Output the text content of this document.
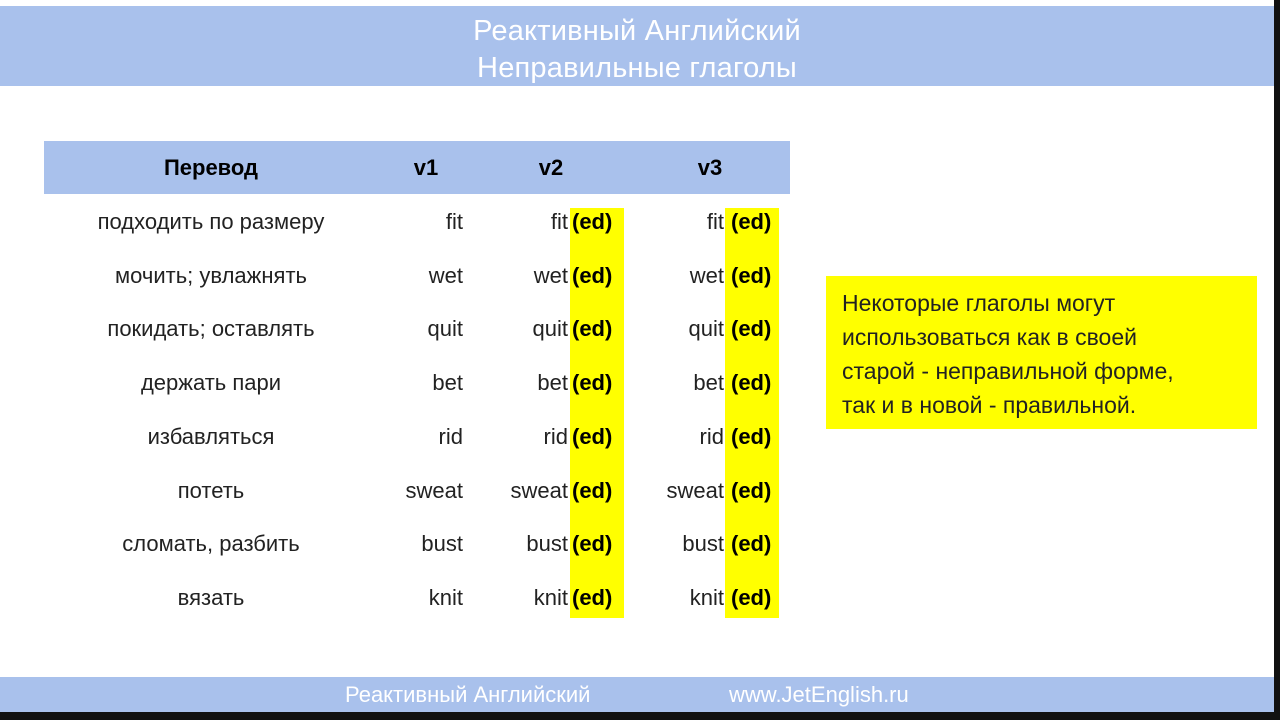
Реактивный Английский
Неправильные глаголы
Перевод	v1	v2	v3
подходить по размеру	fit	fit (ed)	fit (ed)
мочить; увлажнять	wet	wet (ed)	wet (ed)
покидать; оставлять	quit	quit (ed)	quit (ed)
держать пари	bet	bet (ed)	bet (ed)
избавляться	rid	rid (ed)	rid (ed)
потеть	sweat	sweat (ed)	sweat (ed)
сломать, разбить	bust	bust (ed)	bust (ed)
вязать	knit	knit (ed)	knit (ed)
Некоторые глаголы могут
использоваться как в своей
старой - неправильной форме,
так и в новой - правильной.
Реактивный Английский	www.JetEnglish.ru
